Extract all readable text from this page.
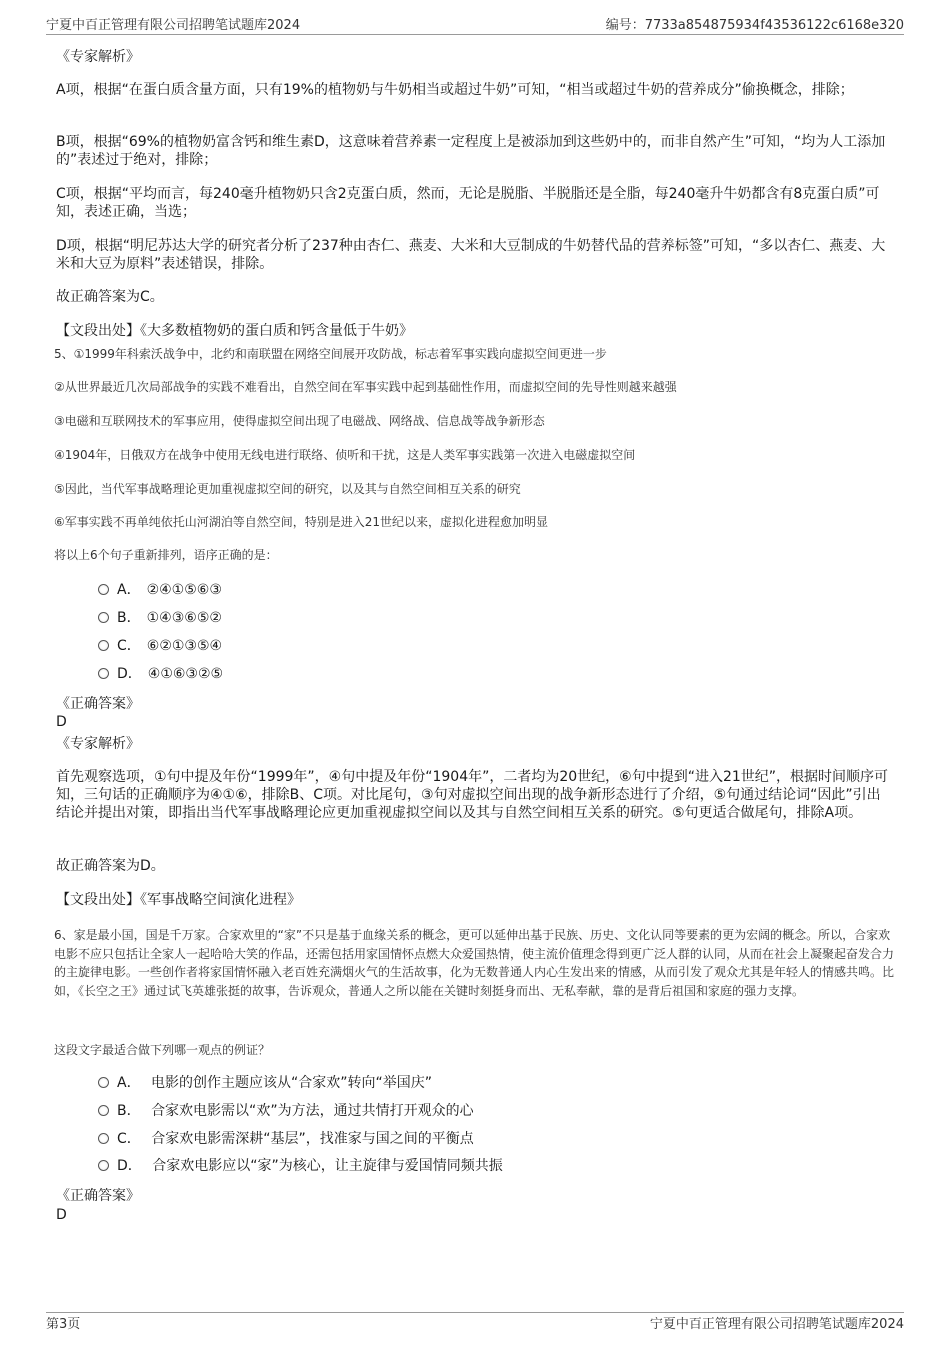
宁夏中百正管理有限公司招聘笔试题库2024	编号：7733a854875934f43536122c6168e320

《专家解析》

A项，根据“在蛋白质含量方面，只有19%的植物奶与牛奶相当或超过牛奶”可知，“相当或超过牛奶的营养成分”偷换概念，排除；

B项，根据“69%的植物奶富含钙和维生素D，这意味着营养素一定程度上是被添加到这些奶中的，而非自然产生”可知，“均为人工添加的”表述过于绝对，排除；

C项，根据“平均而言，每240毫升植物奶只含2克蛋白质，然而，无论是脱脂、半脱脂还是全脂，每240毫升牛奶都含有8克蛋白质”可知，表述正确，当选；

D项，根据“明尼苏达大学的研究者分析了237种由杏仁、燕麦、大米和大豆制成的牛奶替代品的营养标签”可知，“多以杏仁、燕麦、大米和大豆为原料”表述错误，排除。

故正确答案为C。

【文段出处】《大多数植物奶的蛋白质和钙含量低于牛奶》

5、①1999年科索沃战争中，北约和南联盟在网络空间展开攻防战，标志着军事实践向虚拟空间更进一步

②从世界最近几次局部战争的实践不难看出，自然空间在军事实践中起到基础性作用，而虚拟空间的先导性则越来越强

③电磁和互联网技术的军事应用，使得虚拟空间出现了电磁战、网络战、信息战等战争新形态

④1904年，日俄双方在战争中使用无线电进行联络、侦听和干扰，这是人类军事实践第一次进入电磁虚拟空间

⑤因此，当代军事战略理论更加重视虚拟空间的研究，以及其与自然空间相互关系的研究

⑥军事实践不再单纯依托山河湖泊等自然空间，特别是进入21世纪以来，虚拟化进程愈加明显

将以上6个句子重新排列，语序正确的是：

A． ②④①⑤⑥③
B． ①④③⑥⑤②
C． ⑥②①③⑤④
D． ④①⑥③②⑤

《正确答案》

D

《专家解析》

首先观察选项，①句中提及年份“1999年”，④句中提及年份“1904年”，二者均为20世纪，⑥句中提到“进入21世纪”，根据时间顺序可知，三句话的正确顺序为④①⑥，排除B、C项。对比尾句，③句对虚拟空间出现的战争新形态进行了介绍，⑤句通过结论词“因此”引出结论并提出对策，即指出当代军事战略理论应更加重视虚拟空间以及其与自然空间相互关系的研究。⑤句更适合做尾句，排除A项。

故正确答案为D。

【文段出处】《军事战略空间演化进程》

6、家是最小国，国是千万家。合家欢里的“家”不只是基于血缘关系的概念，更可以延伸出基于民族、历史、文化认同等要素的更为宏阔的概念。所以，合家欢电影不应只包括让全家人一起哈哈大笑的作品，还需包括用家国情怀点燃大众爱国热情，使主流价值理念得到更广泛人群的认同，从而在社会上凝聚起奋发合力的主旋律电影。一些创作者将家国情怀融入老百姓充满烟火气的生活故事，化为无数普通人内心生发出来的情感，从而引发了观众尤其是年轻人的情感共鸣。比如，《长空之王》通过试飞英雄张挺的故事，告诉观众，普通人之所以能在关键时刻挺身而出、无私奉献，靠的是背后祖国和家庭的强力支撑。

这段文字最适合做下列哪一观点的例证？

A． 电影的创作主题应该从“合家欢”转向“举国庆”
B． 合家欢电影需以“欢”为方法，通过共情打开观众的心
C． 合家欢电影需深耕“基层”，找准家与国之间的平衡点
D． 合家欢电影应以“家”为核心，让主旋律与爱国情同频共振

《正确答案》

D

第3页	宁夏中百正管理有限公司招聘笔试题库2024
